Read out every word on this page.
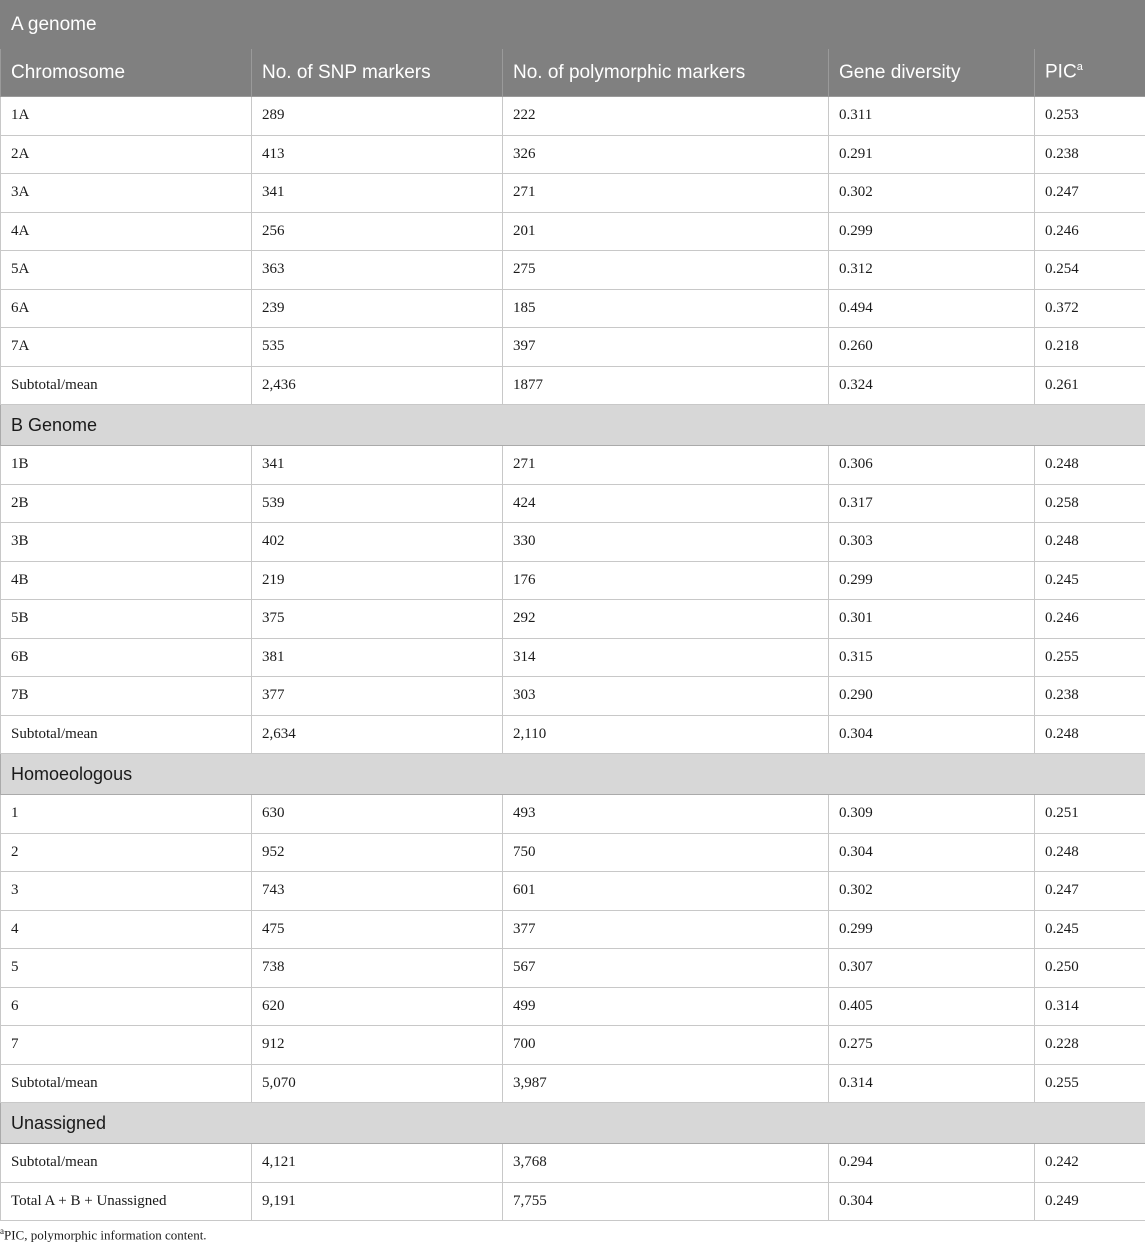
A genome				
Chromosome	No. of SNP markers	No. of polymorphic markers	Gene diversity	PIC$^a$
1A	289	222	0.311	0.253
2A	413	326	0.291	0.238
3A	341	271	0.302	0.247
4A	256	201	0.299	0.246
5A	363	275	0.312	0.254
6A	239	185	0.494	0.372
7A	535	397	0.260	0.218
Subtotal/mean	2,436	1877	0.324	0.261
B Genome				
1B	341	271	0.306	0.248
2B	539	424	0.317	0.258
3B	402	330	0.303	0.248
4B	219	176	0.299	0.245
5B	375	292	0.301	0.246
6B	381	314	0.315	0.255
7B	377	303	0.290	0.238
Subtotal/mean	2,634	2,110	0.304	0.248
Homoeologous				
1	630	493	0.309	0.251
2	952	750	0.304	0.248
3	743	601	0.302	0.247
4	475	377	0.299	0.245
5	738	567	0.307	0.250
6	620	499	0.405	0.314
7	912	700	0.275	0.228
Subtotal/mean	5,070	3,987	0.314	0.255
Unassigned				
Subtotal/mean	4,121	3,768	0.294	0.242
Total A + B + Unassigned	9,191	7,755	0.304	0.249
$^a$PIC, polymorphic information content.
